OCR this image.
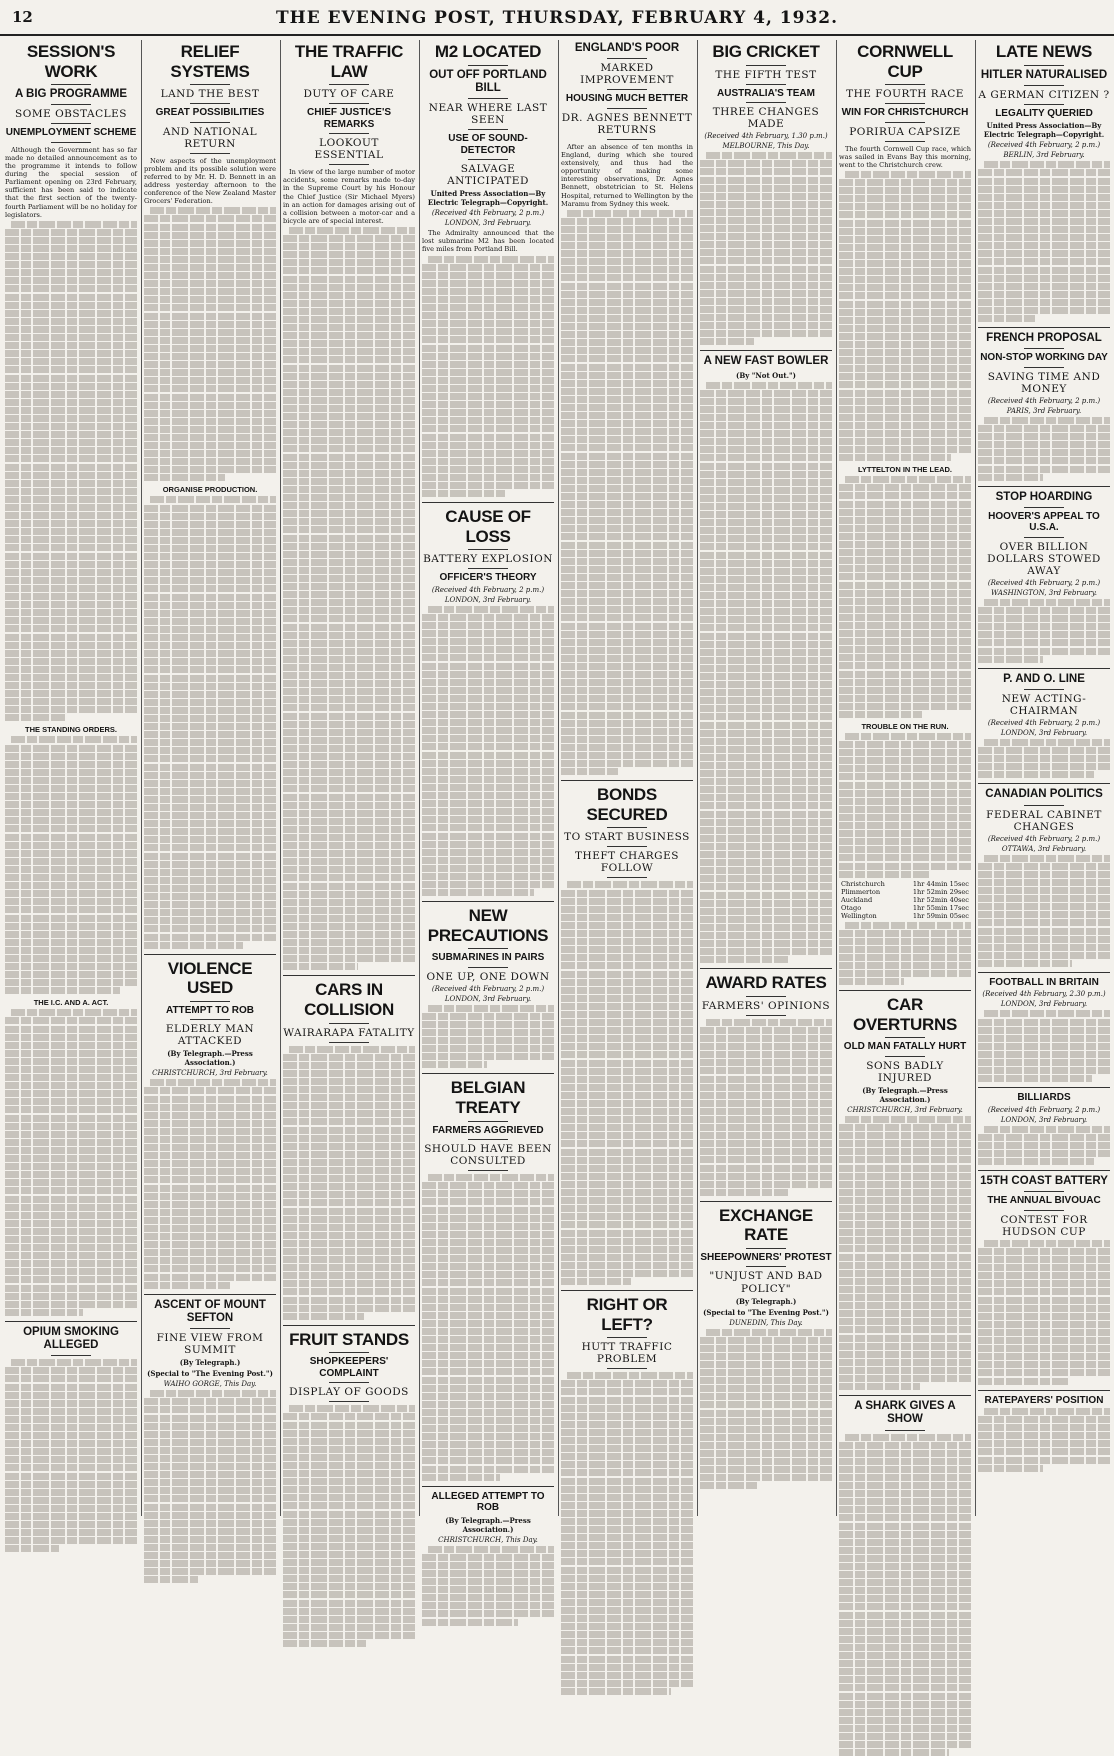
12	THE EVENING POST, THURSDAY, FEBRUARY 4, 1932.
SESSION'S WORK
A BIG PROGRAMME
SOME OBSTACLES
UNEMPLOYMENT SCHEME

Although the Government has so far made no detailed announcement as to the programme it intends to follow during the special session of Parliament opening on 23rd February, sufficient has been said to indicate that the first section of the twenty-fourth Parliament will be no holiday for legislators.

THE STANDING ORDERS.
THE I.C. AND A. ACT.
OPIUM SMOKING ALLEGED
RELIEF SYSTEMS
LAND THE BEST
GREAT POSSIBILITIES
AND NATIONAL RETURN

New aspects of the unemployment problem and its possible solution were referred to by Mr. H. D. Bennett in an address yesterday afternoon to the conference of the New Zealand Master Grocers' Federation.

ORGANISE PRODUCTION.
VIOLENCE USED
ATTEMPT TO ROB
ELDERLY MAN ATTACKED
(By Telegraph.—Press Association.)
CHRISTCHURCH, 3rd February.
ASCENT OF MOUNT SEFTON
FINE VIEW FROM SUMMIT
(By Telegraph.)
(Special to "The Evening Post.")
WAIHO GORGE, This Day.
THE TRAFFIC LAW
DUTY OF CARE
CHIEF JUSTICE'S REMARKS
LOOKOUT ESSENTIAL

In view of the large number of motor accidents, some remarks made to-day in the Supreme Court by his Honour the Chief Justice (Sir Michael Myers) in an action for damages arising out of a collision between a motor-car and a bicycle are of special interest.

CARS IN COLLISION
WAIRARAPA FATALITY
FRUIT STANDS
SHOPKEEPERS' COMPLAINT
DISPLAY OF GOODS
M2 LOCATED
OUT OFF PORTLAND BILL
NEAR WHERE LAST SEEN
USE OF SOUND-DETECTOR
SALVAGE ANTICIPATED
United Press Association—By Electric Telegraph—Copyright.
(Received 4th February, 2 p.m.)
LONDON, 3rd February.

The Admiralty announced that the lost submarine M2 has been located five miles from Portland Bill.

CAUSE OF LOSS
BATTERY EXPLOSION
OFFICER'S THEORY
(Received 4th February, 2 p.m.)
LONDON, 3rd February.
NEW PRECAUTIONS
SUBMARINES IN PAIRS
ONE UP, ONE DOWN
(Received 4th February, 2 p.m.)
LONDON, 3rd February.
BELGIAN TREATY
FARMERS AGGRIEVED
SHOULD HAVE BEEN CONSULTED
ALLEGED ATTEMPT TO ROB
(By Telegraph.—Press Association.)
CHRISTCHURCH, This Day.
ENGLAND'S POOR
MARKED IMPROVEMENT
HOUSING MUCH BETTER
DR. AGNES BENNETT RETURNS

After an absence of ten months in England, during which she toured extensively, and thus had the opportunity of making some interesting observations, Dr. Agnes Bennett, obstetrician to St. Helens Hospital, returned to Wellington by the Maramu from Sydney this week.

BONDS SECURED
TO START BUSINESS
THEFT CHARGES FOLLOW
RIGHT OR LEFT?
HUTT TRAFFIC PROBLEM
BIG CRICKET
THE FIFTH TEST
AUSTRALIA'S TEAM
THREE CHANGES MADE
(Received 4th February, 1.30 p.m.)
MELBOURNE, This Day.
A NEW FAST BOWLER
(By "Not Out.")
AWARD RATES
FARMERS' OPINIONS
EXCHANGE RATE
SHEEPOWNERS' PROTEST
"UNJUST AND BAD POLICY"
(By Telegraph.)
(Special to "The Evening Post.")
DUNEDIN, This Day.
CORNWELL CUP
THE FOURTH RACE
WIN FOR CHRISTCHURCH
PORIRUA CAPSIZE

The fourth Cornwell Cup race, which was sailed in Evans Bay this morning, went to the Christchurch crew.

LYTTELTON IN THE LEAD.
TROUBLE ON THE RUN.
Christchurch	1hr 44min 15sec
Plimmerton	1hr 52min 29sec
Auckland	1hr 52min 40sec
Otago	1hr 55min 17sec
Wellington	1hr 59min 05sec
CAR OVERTURNS
OLD MAN FATALLY HURT
SONS BADLY INJURED
(By Telegraph.—Press Association.)
CHRISTCHURCH, 3rd February.
A SHARK GIVES A SHOW
LATE NEWS
HITLER NATURALISED
A GERMAN CITIZEN ?
LEGALITY QUERIED
United Press Association—By Electric Telegraph—Copyright.
(Received 4th February, 2 p.m.)
BERLIN, 3rd February.
FRENCH PROPOSAL
NON-STOP WORKING DAY
SAVING TIME AND MONEY
(Received 4th February, 2 p.m.)
PARIS, 3rd February.
STOP HOARDING
HOOVER'S APPEAL TO U.S.A.
OVER BILLION DOLLARS STOWED AWAY
(Received 4th February, 2 p.m.)
WASHINGTON, 3rd February.
P. AND O. LINE
NEW ACTING-CHAIRMAN
(Received 4th February, 2 p.m.)
LONDON, 3rd February.
CANADIAN POLITICS
FEDERAL CABINET CHANGES
(Received 4th February, 2 p.m.)
OTTAWA, 3rd February.
FOOTBALL IN BRITAIN
(Received 4th February, 2.30 p.m.)
LONDON, 3rd February.
BILLIARDS
(Received 4th February, 2 p.m.)
LONDON, 3rd February.
15TH COAST BATTERY
THE ANNUAL BIVOUAC
CONTEST FOR HUDSON CUP
RATEPAYERS' POSITION
